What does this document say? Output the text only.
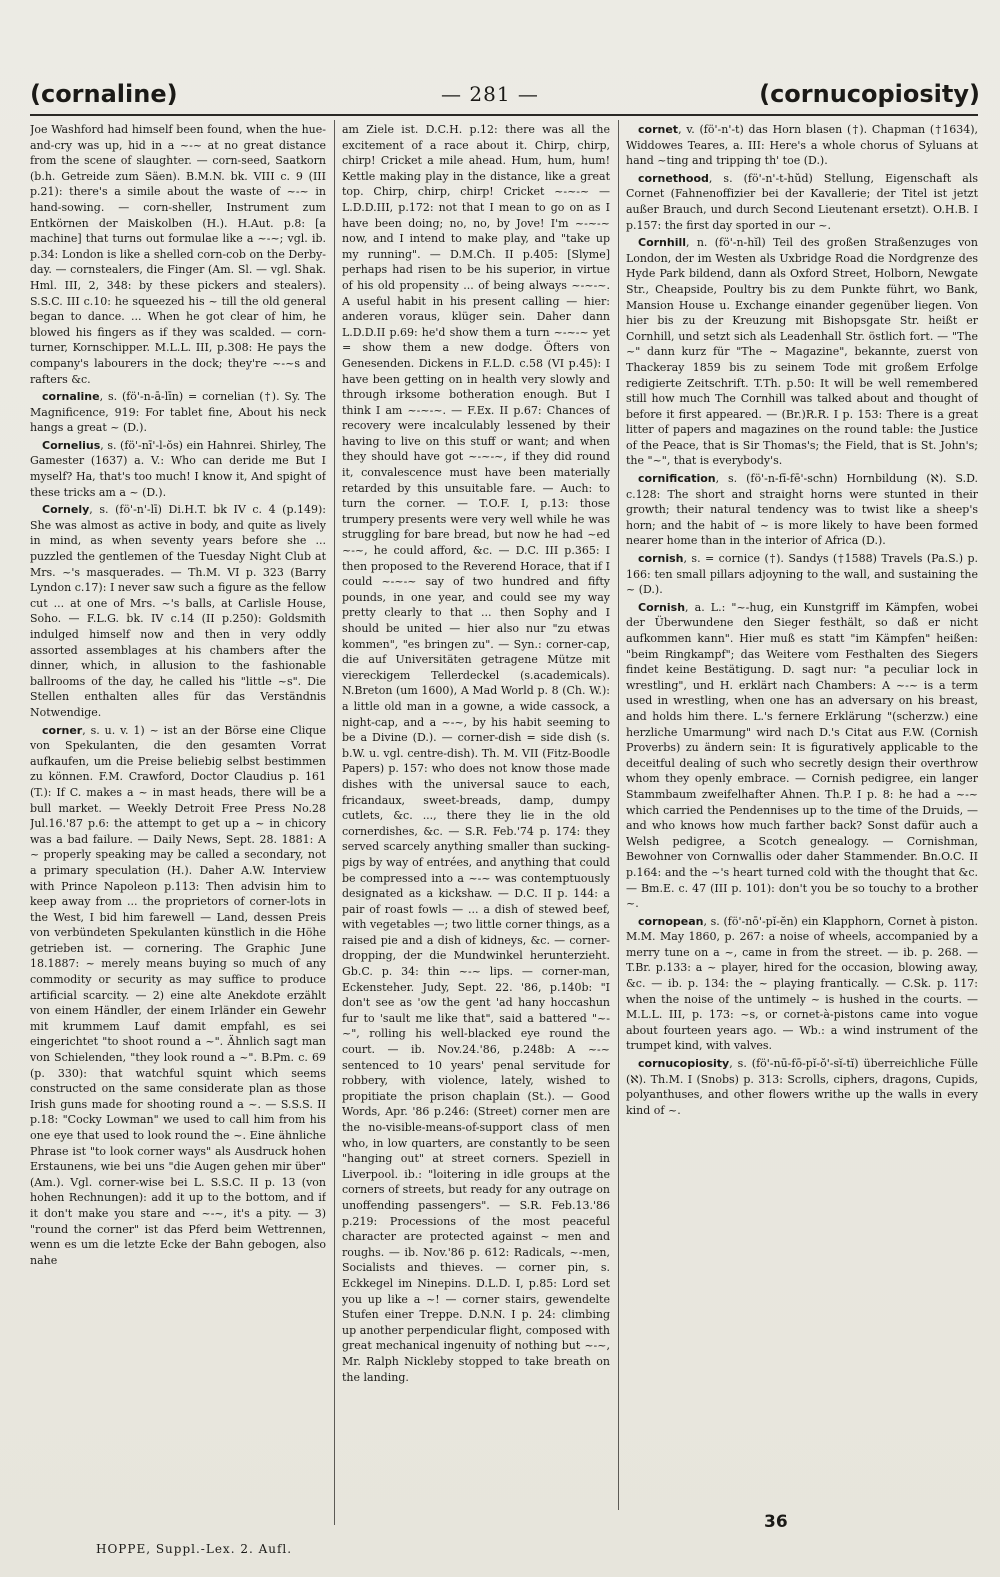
(cornaline)	— 281 —	(cornucopiosity)

Joe Washford had himself been found, when the hue-and-cry was up, hid in a ~-~ at no great distance from the scene of slaughter. — corn-seed, Saatkorn (b.h. Getreide zum Säen). B.M.N. bk. VIII c. 9 (III p.21): there's a simile about the waste of ~-~ in hand-sowing. — corn-sheller, Instrument zum Entkörnen der Maiskolben (H.). H.Aut. p.8: [a machine] that turns out formulae like a ~-~; vgl. ib. p.34: London is like a shelled corn-cob on the Derby-day. — cornstealers, die Finger (Am. Sl. — vgl. Shak. Hml. III, 2, 348: by these pickers and stealers). S.S.C. III c.10: he squeezed his ~ till the old general began to dance. ... When he got clear of him, he blowed his fingers as if they was scalded. — corn-turner, Kornschipper. M.L.L. III, p.308: He pays the company's labourers in the dock; they're ~-~s and rafters &c.

cornaline, s. (fö'-n-ā-līn) = cornelian (†). Sy. The Magnificence, 919: For tablet fine, About his neck hangs a great ~ (D.).

Cornelius, s. (fö'-nī'-l-ŏs) ein Hahnrei. Shirley, The Gamester (1637) a. V.: Who can deride me But I myself? Ha, that's too much! I know it, And spight of these tricks am a ~ (D.).

Cornely, s. (fö'-n'-lī) Di.H.T. bk IV c. 4 (p.149): She was almost as active in body, and quite as lively in mind, as when seventy years before she ... puzzled the gentlemen of the Tuesday Night Club at Mrs. ~'s masquerades. — Th.M. VI p. 323 (Barry Lyndon c.17): I never saw such a figure as the fellow cut ... at one of Mrs. ~'s balls, at Carlisle House, Soho. — F.L.G. bk. IV c.14 (II p.250): Goldsmith indulged himself now and then in very oddly assorted assemblages at his chambers after the dinner, which, in allusion to the fashionable ballrooms of the day, he called his "little ~s". Die Stellen enthalten alles für das Verständnis Notwendige.

corner, s. u. v. 1) ~ ist an der Börse eine Clique von Spekulanten, die den gesamten Vorrat aufkaufen, um die Preise beliebig selbst bestimmen zu können. F.M. Crawford, Doctor Claudius p. 161 (T.): If C. makes a ~ in mast heads, there will be a bull market. — Weekly Detroit Free Press No.28 Jul.16.'87 p.6: the attempt to get up a ~ in chicory was a bad failure. — Daily News, Sept. 28. 1881: A ~ properly speaking may be called a secondary, not a primary speculation (H.). Daher A.W. Interview with Prince Napoleon p.113: Then advisin him to keep away from ... the proprietors of corner-lots in the West, I bid him farewell — Land, dessen Preis von verbündeten Spekulanten künstlich in die Höhe getrieben ist. — cornering. The Graphic June 18.1887: ~ merely means buying so much of any commodity or security as may suffice to produce artificial scarcity. — 2) eine alte Anekdote erzählt von einem Händler, der einem Irländer ein Gewehr mit krummem Lauf damit empfahl, es sei eingerichtet "to shoot round a ~". Ähnlich sagt man von Schielenden, "they look round a ~". B.Pm. c. 69 (p. 330): that watchful squint which seems constructed on the same considerate plan as those Irish guns made for shooting round a ~. — S.S.S. II p.18: "Cocky Lowman" we used to call him from his one eye that used to look round the ~. Eine ähnliche Phrase ist "to look corner ways" als Ausdruck hohen Erstaunens, wie bei uns "die Augen gehen mir über" (Am.). Vgl. corner-wise bei L. S.S.C. II p. 13 (von hohen Rechnungen): add it up to the bottom, and if it don't make you stare and ~-~, it's a pity. — 3) "round the corner" ist das Pferd beim Wettrennen, wenn es um die letzte Ecke der Bahn gebogen, also nahe

am Ziele ist. D.C.H. p.12: there was all the excitement of a race about it. Chirp, chirp, chirp! Cricket a mile ahead. Hum, hum, hum! Kettle making play in the distance, like a great top. Chirp, chirp, chirp! Cricket ~-~-~ — L.D.D.III, p.172: not that I mean to go on as I have been doing; no, no, by Jove! I'm ~-~-~ now, and I intend to make play, and "take up my running". — D.M.Ch. II p.405: [Slyme] perhaps had risen to be his superior, in virtue of his old propensity ... of being always ~-~-~. A useful habit in his present calling — hier: anderen voraus, klüger sein. Daher dann L.D.D.II p.69: he'd show them a turn ~-~-~ yet = show them a new dodge. Öfters von Genesenden. Dickens in F.L.D. c.58 (VI p.45): I have been getting on in health very slowly and through irksome botheration enough. But I think I am ~-~-~. — F.Ex. II p.67: Chances of recovery were incalculably lessened by their having to live on this stuff or want; and when they should have got ~-~-~, if they did round it, convalescence must have been materially retarded by this unsuitable fare. — Auch: to turn the corner. — T.O.F. I, p.13: those trumpery presents were very well while he was struggling for bare bread, but now he had ~ed ~-~, he could afford, &c. — D.C. III p.365: I then proposed to the Reverend Horace, that if I could ~-~-~ say of two hundred and fifty pounds, in one year, and could see my way pretty clearly to that ... then Sophy and I should be united — hier also nur "zu etwas kommen", "es bringen zu". — Syn.: corner-cap, die auf Universitäten getragene Mütze mit viereckigem Tellerdeckel (s.academicals). N.Breton (um 1600), A Mad World p. 8 (Ch. W.): a little old man in a gowne, a wide cassock, a night-cap, and a ~-~, by his habit seeming to be a Divine (D.). — corner-dish = side dish (s. b.W. u. vgl. centre-dish). Th. M. VII (Fitz-Boodle Papers) p. 157: who does not know those made dishes with the universal sauce to each, fricandaux, sweet-breads, damp, dumpy cutlets, &c. ..., there they lie in the old cornerdishes, &c. — S.R. Feb.'74 p. 174: they served scarcely anything smaller than sucking-pigs by way of entrées, and anything that could be compressed into a ~-~ was contemptuously designated as a kickshaw. — D.C. II p. 144: a pair of roast fowls — ... a dish of stewed beef, with vegetables —; two little corner things, as a raised pie and a dish of kidneys, &c. — corner-dropping, der die Mundwinkel herunterzieht. Gb.C. p. 34: thin ~-~ lips. — corner-man, Eckensteher. Judy, Sept. 22. '86, p.140b: "I don't see as 'ow the gent 'ad hany hoccashun fur to 'sault me like that", said a battered "~-~", rolling his well-blacked eye round the court. — ib. Nov.24.'86, p.248b: A ~-~ sentenced to 10 years' penal servitude for robbery, with violence, lately, wished to propitiate the prison chaplain (St.). — Good Words, Apr. '86 p.246: (Street) corner men are the no-visible-means-of-support class of men who, in low quarters, are constantly to be seen "hanging out" at street corners. Speziell in Liverpool. ib.: "loitering in idle groups at the corners of streets, but ready for any outrage on unoffending passengers". — S.R. Feb.13.'86 p.219: Processions of the most peaceful character are protected against ~ men and roughs. — ib. Nov.'86 p. 612: Radicals, ~-men, Socialists and thieves. — corner pin, s. Eckkegel im Ninepins. D.L.D. I, p.85: Lord set you up like a ~! — corner stairs, gewendelte Stufen einer Treppe. D.N.N. I p. 24: climbing up another perpendicular flight, composed with great mechanical ingenuity of nothing but ~-~, Mr. Ralph Nickleby stopped to take breath on the landing.

cornet, v. (fö'-n'-t) das Horn blasen (†). Chapman (†1634), Widdowes Teares, a. III: Here's a whole chorus of Syluans at hand ~ting and tripping th' toe (D.).

cornethood, s. (fö'-n'-t-hŭd) Stellung, Eigenschaft als Cornet (Fahnenoffizier bei der Kavallerie; der Titel ist jetzt außer Brauch, und durch Second Lieutenant ersetzt). O.H.B. I p.157: the first day sported in our ~.

Cornhill, n. (fö'-n-hĭl) Teil des großen Straßenzuges von London, der im Westen als Uxbridge Road die Nordgrenze des Hyde Park bildend, dann als Oxford Street, Holborn, Newgate Str., Cheapside, Poultry bis zu dem Punkte führt, wo Bank, Mansion House u. Exchange einander gegenüber liegen. Von hier bis zu der Kreuzung mit Bishopsgate Str. heißt er Cornhill, und setzt sich als Leadenhall Str. östlich fort. — "The ~" dann kurz für "The ~ Magazine", bekannte, zuerst von Thackeray 1859 bis zu seinem Tode mit großem Erfolge redigierte Zeitschrift. T.Th. p.50: It will be well remembered still how much The Cornhill was talked about and thought of before it first appeared. — (Br.)R.R. I p. 153: There is a great litter of papers and magazines on the round table: the Justice of the Peace, that is Sir Thomas's; the Field, that is St. John's; the "~", that is everybody's.

cornification, s. (fö'-n-fī-fē'-schn) Hornbildung (ℵ). S.D. c.128: The short and straight horns were stunted in their growth; their natural tendency was to twist like a sheep's horn; and the habit of ~ is more likely to have been formed nearer home than in the interior of Africa (D.).

cornish, s. = cornice (†). Sandys (†1588) Travels (Pa.S.) p. 166: ten small pillars adjoyning to the wall, and sustaining the ~ (D.).

Cornish, a. L.: "~-hug, ein Kunstgriff im Kämpfen, wobei der Überwundene den Sieger festhält, so daß er nicht aufkommen kann". Hier muß es statt "im Kämpfen" heißen: "beim Ringkampf"; das Weitere vom Festhalten des Siegers findet keine Bestätigung. D. sagt nur: "a peculiar lock in wrestling", und H. erklärt nach Chambers: A ~-~ is a term used in wrestling, when one has an adversary on his breast, and holds him there. L.'s fernere Erklärung "(scherzw.) eine herzliche Umarmung" wird nach D.'s Citat aus F.W. (Cornish Proverbs) zu ändern sein: It is figuratively applicable to the deceitful dealing of such who secretly design their overthrow whom they openly embrace. — Cornish pedigree, ein langer Stammbaum zweifelhafter Ahnen. Th.P. I p. 8: he had a ~-~ which carried the Pendennises up to the time of the Druids, — and who knows how much farther back? Sonst dafür auch a Welsh pedigree, a Scotch genealogy. — Cornishman, Bewohner von Cornwallis oder daher Stammender. Bn.O.C. II p.164: and the ~'s heart turned cold with the thought that &c. — Bm.E. c. 47 (III p. 101): don't you be so touchy to a brother ~.

cornopean, s. (fö'-nō'-pĭ-ĕn) ein Klapphorn, Cornet à piston. M.M. May 1860, p. 267: a noise of wheels, accompanied by a merry tune on a ~, came in from the street. — ib. p. 268. — T.Br. p.133: a ~ player, hired for the occasion, blowing away, &c. — ib. p. 134: the ~ playing frantically. — C.Sk. p. 117: when the noise of the untimely ~ is hushed in the courts. — M.L.L. III, p. 173: ~s, or cornet-à-pistons came into vogue about fourteen years ago. — Wb.: a wind instrument of the trumpet kind, with valves.

cornucopiosity, s. (fö'-nū-fō-pĭ-ŏ'-sĭ-tĭ) überreichliche Fülle (ℵ). Th.M. I (Snobs) p. 313: Scrolls, ciphers, dragons, Cupids, polyanthuses, and other flowers writhe up the walls in every kind of ~.

36
HOPPE, Suppl.-Lex. 2. Aufl.
